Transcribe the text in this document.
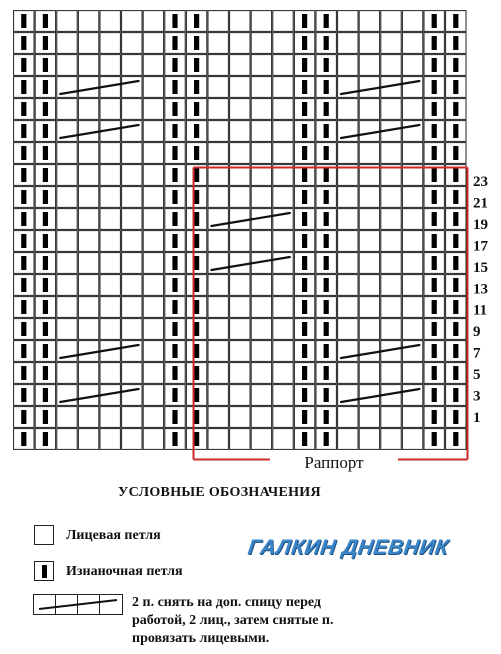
Раппорт
23
21
19
17
15
13
11
9
7
5
3
1
УСЛОВНЫЕ ОБОЗНАЧЕНИЯ
Лицевая петля
Изнаночная петля
2 п. снять на доп. спицу перед
работой, 2 лиц., затем снятые п.
провязать лицевыми.
ГАЛКИН ДНЕВНИК
